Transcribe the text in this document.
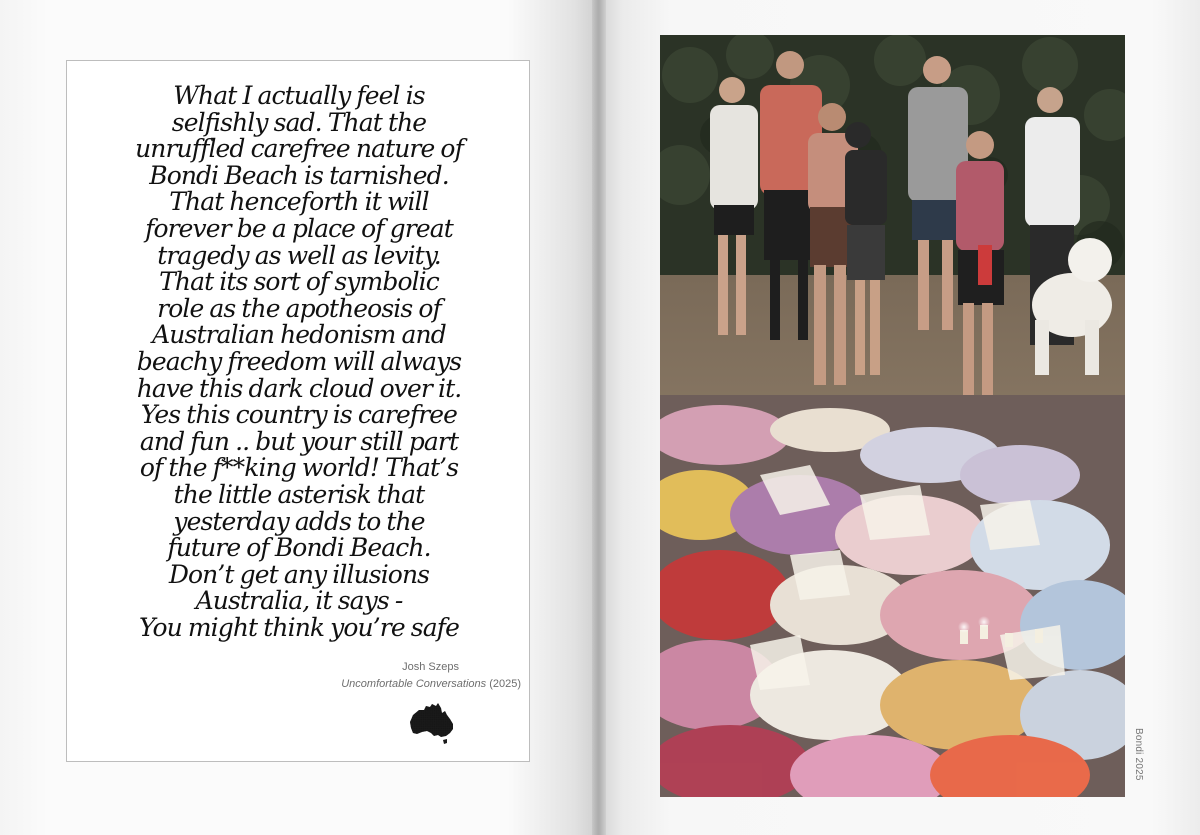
What I actually feel is
selfishly sad. That the
unruffled carefree nature of
Bondi Beach is tarnished.
That henceforth it will
forever be a place of great
tragedy as well as levity.
That its sort of symbolic
role as the apotheosis of
Australian hedonism and
beachy freedom will always
have this dark cloud over it.
Yes this country is carefree
and fun .. but your still part
of the f**king world! That’s
the little asterisk that
yesterday adds to the
future of Bondi Beach.
Don’t get any illusions
Australia, it says -
You might think you’re safe

Josh Szeps

Uncomfortable Conversations (2025)

Bondi 2025
